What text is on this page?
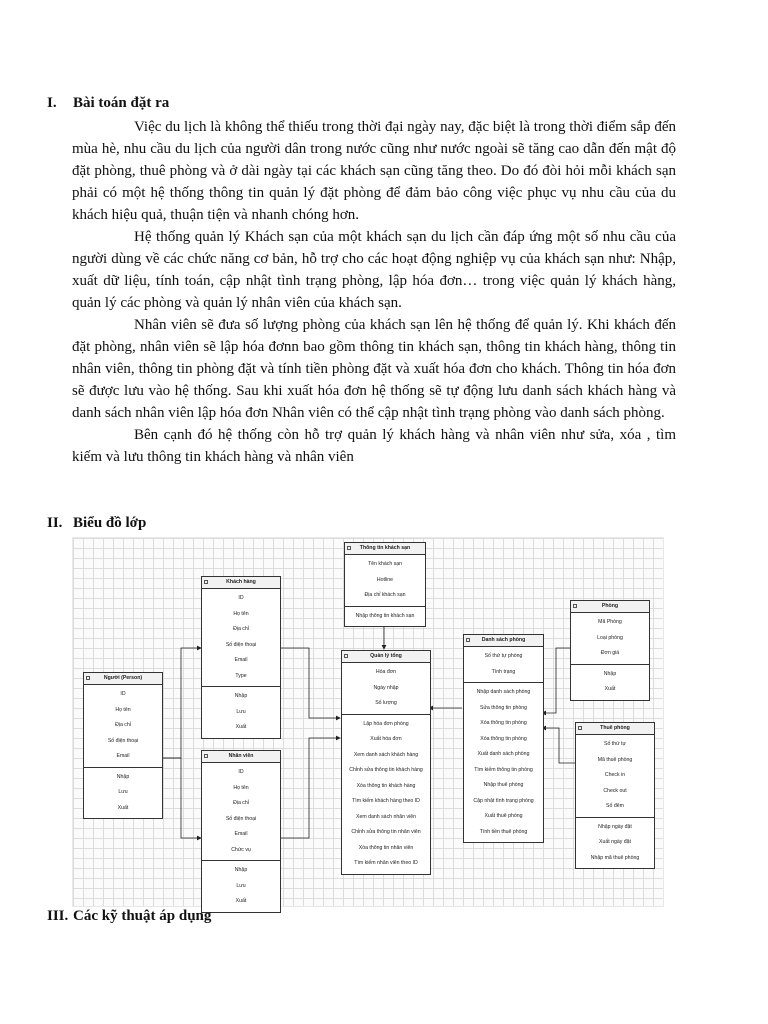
I. Bài toán đặt ra

Việc du lịch là không thể thiếu trong thời đại ngày nay, đặc biệt là trong thời điểm sắp đến mùa hè, nhu cầu du lịch của người dân trong nước cũng như nước ngoài sẽ tăng cao dẫn đến mật độ đặt phòng, thuê phòng và ở dài ngày tại các khách sạn cũng tăng theo. Do đó đòi hỏi mỗi khách sạn phải có một hệ thống thông tin quản lý đặt phòng để đảm bảo công việc phục vụ nhu cầu của du khách hiệu quả, thuận tiện và nhanh chóng hơn.

Hệ thống quản lý Khách sạn của một khách sạn du lịch cần đáp ứng một số nhu cầu của người dùng về các chức năng cơ bản, hỗ trợ cho các hoạt động nghiệp vụ của khách sạn như: Nhập, xuất dữ liệu, tính toán, cập nhật tình trạng phòng, lập hóa đơn… trong việc quản lý khách hàng, quản lý các phòng và quản lý nhân viên của khách sạn.

Nhân viên sẽ đưa số lượng phòng của khách sạn lên hệ thống để quản lý. Khi khách đến đặt phòng, nhân viên sẽ lập hóa đơnn bao gồm thông tin khách sạn, thông tin khách hàng, thông tin nhân viên, thông tin phòng đặt và tính tiền phòng đặt và xuất hóa đơn cho khách. Thông tin hóa đơn sẽ được lưu vào hệ thống. Sau khi xuất hóa đơn hệ thống sẽ tự động lưu danh sách khách hàng và danh sách nhân viên lập hóa đơn Nhân viên có thể cập nhật tình trạng phòng vào danh sách phòng.

Bên cạnh đó hệ thống còn hỗ trợ quản lý khách hàng và nhân viên như sửa, xóa , tìm kiếm và lưu thông tin khách hàng và nhân viên

II. Biểu đồ lớp
Người (Person)
ID
Họ tên
Địa chỉ
Số điện thoại
Email
Nhập
Lưu
Xuất
Khách hàng
ID
Họ tên
Địa chỉ
Số điện thoại
Email
Type
Nhập
Lưu
Xuất
Nhân viên
ID
Họ tên
Địa chỉ
Số điện thoại
Email
Chức vụ
Nhập
Lưu
Xuất
Thông tin khách sạn
Tên khách sạn
Hotline
Địa chỉ khách sạn
Nhập thông tin khách sạn
Quản lý tổng
Hóa đơn
Ngày nhập
Số lượng
Lập hóa đơn phòng
Xuất hóa đơn
Xem danh sách khách hàng
Chỉnh sửa thông tin khách hàng
Xóa thông tin khách hàng
Tìm kiếm khách hàng theo ID
Xem danh sách nhân viên
Chỉnh sửa thông tin nhân viên
Xóa thông tin nhân viên
Tìm kiếm nhân viên theo ID
Danh sách phòng
Số thứ tự phòng
Tình trạng
Nhập danh sách phòng
Sửa thông tin phòng
Xóa thông tin phòng
Xóa thông tin phòng
Xuất danh sách phòng
Tìm kiếm thông tin phòng
Nhập thuê phòng
Cập nhật tình trạng phòng
Xuất thuê phòng
Tính tiền thuê phòng
Phòng
Mã Phòng
Loại phòng
Đơn giá
Nhập
Xuất
Thuê phòng
Số thứ tự
Mã thuê phòng
Check in
Check out
Số đêm
Nhập ngày đặt
Xuất ngày đặt
Nhập mã thuê phòng
III. Các kỹ thuật áp dụng
